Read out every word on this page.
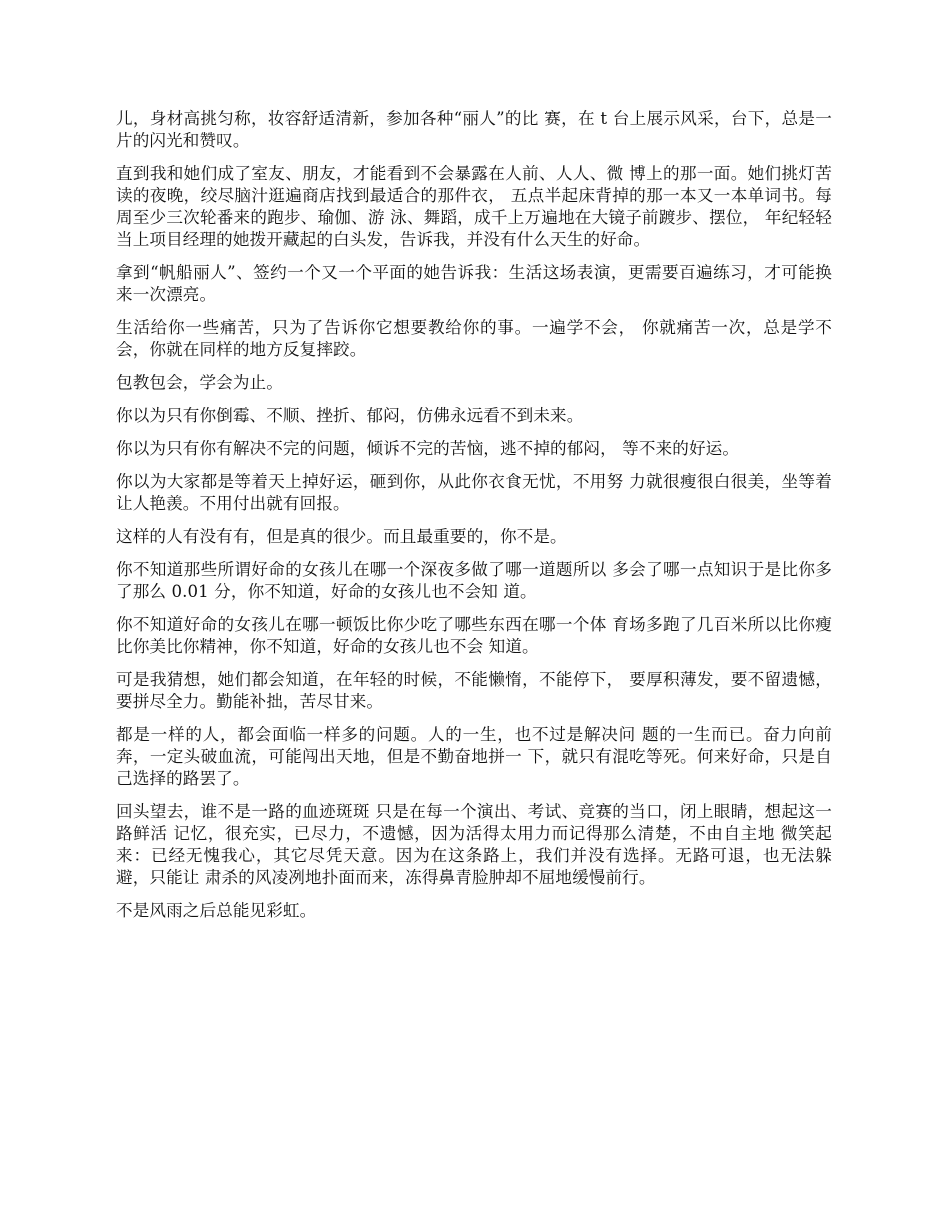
儿，身材高挑匀称，妆容舒适清新，参加各种“丽人”的比 赛，在 t 台上展示风采，台下，总是一片的闪光和赞叹。

直到我和她们成了室友、朋友，才能看到不会暴露在人前、人人、微 博上的那一面。她们挑灯苦读的夜晚，绞尽脑汁逛遍商店找到最适合的那件衣， 五点半起床背掉的那一本又一本单词书。每周至少三次轮番来的跑步、瑜伽、游 泳、舞蹈，成千上万遍地在大镜子前踱步、摆位， 年纪轻轻当上项目经理的她拨开藏起的白头发，告诉我，并没有什么天生的好命。

拿到“帆船丽人”、签约一个又一个平面的她告诉我：生活这场表演，更需要百遍练习，才可能换来一次漂亮。

生活给你一些痛苦，只为了告诉你它想要教给你的事。一遍学不会， 你就痛苦一次，总是学不会，你就在同样的地方反复摔跤。

包教包会，学会为止。

你以为只有你倒霉、不顺、挫折、郁闷，仿佛永远看不到未来。

你以为只有你有解决不完的问题，倾诉不完的苦恼，逃不掉的郁闷， 等不来的好运。

你以为大家都是等着天上掉好运，砸到你，从此你衣食无忧，不用努 力就很瘦很白很美，坐等着让人艳羡。不用付出就有回报。

这样的人有没有有，但是真的很少。而且最重要的，你不是。

你不知道那些所谓好命的女孩儿在哪一个深夜多做了哪一道题所以 多会了哪一点知识于是比你多了那么 0.01 分，你不知道，好命的女孩儿也不会知 道。

你不知道好命的女孩儿在哪一顿饭比你少吃了哪些东西在哪一个体 育场多跑了几百米所以比你瘦比你美比你精神，你不知道，好命的女孩儿也不会 知道。

可是我猜想，她们都会知道，在年轻的时候，不能懒惰，不能停下， 要厚积薄发，要不留遗憾，要拼尽全力。勤能补拙，苦尽甘来。

都是一样的人，都会面临一样多的问题。人的一生，也不过是解决问 题的一生而已。奋力向前奔，一定头破血流，可能闯出天地，但是不勤奋地拼一 下，就只有混吃等死。何来好命，只是自己选择的路罢了。

回头望去，谁不是一路的血迹斑斑 只是在每一个演出、考试、竞赛的当口，闭上眼睛，想起这一路鲜活 记忆，很充实，已尽力，不遗憾，因为活得太用力而记得那么清楚，不由自主地 微笑起来：已经无愧我心，其它尽凭天意。因为在这条路上，我们并没有选择。无路可退，也无法躲避，只能让 肃杀的风凌冽地扑面而来，冻得鼻青脸肿却不屈地缓慢前行。

不是风雨之后总能见彩虹。
